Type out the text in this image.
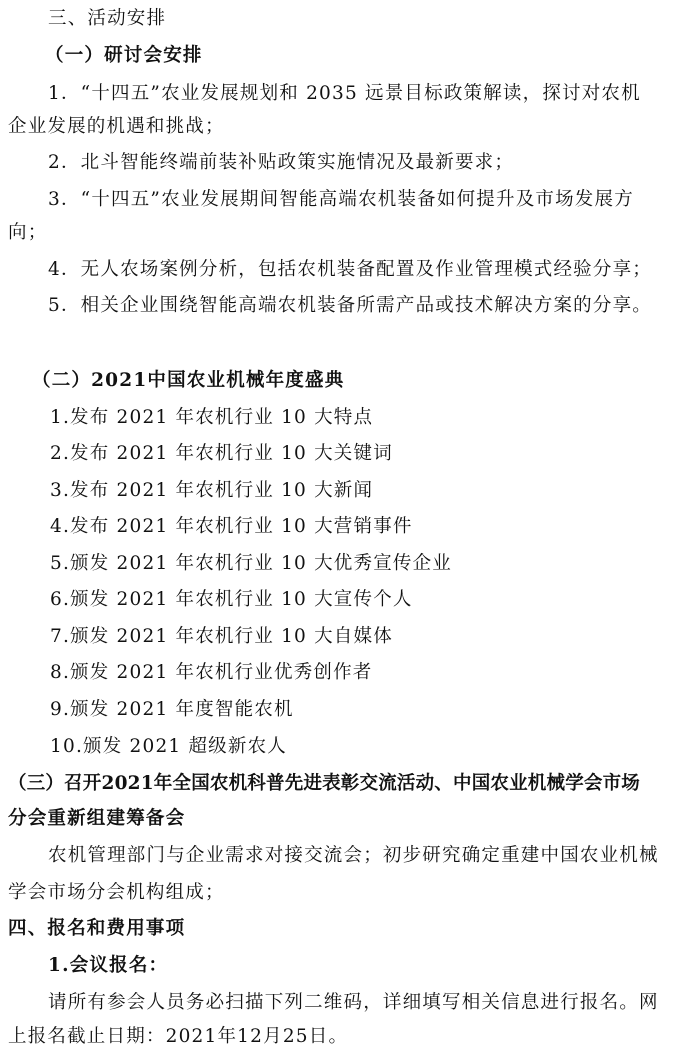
三、活动安排
（一）研讨会安排
1．“十四五”农业发展规划和 2035 远景目标政策解读，探讨对农机
企业发展的机遇和挑战；
2．北斗智能终端前装补贴政策实施情况及最新要求；
3．“十四五”农业发展期间智能高端农机装备如何提升及市场发展方
向；
4．无人农场案例分析，包括农机装备配置及作业管理模式经验分享；
5．相关企业围绕智能高端农机装备所需产品或技术解决方案的分享。
（二）2021中国农业机械年度盛典
1.发布 2021 年农机行业 10 大特点
2.发布 2021 年农机行业 10 大关键词
3.发布 2021 年农机行业 10 大新闻
4.发布 2021 年农机行业 10 大营销事件
5.颁发 2021 年农机行业 10 大优秀宣传企业
6.颁发 2021 年农机行业 10 大宣传个人
7.颁发 2021 年农机行业 10 大自媒体
8.颁发 2021 年农机行业优秀创作者
9.颁发 2021 年度智能农机
10.颁发 2021 超级新农人
（三）召开2021年全国农机科普先进表彰交流活动、中国农业机械学会市场
分会重新组建筹备会
农机管理部门与企业需求对接交流会；初步研究确定重建中国农业机械
学会市场分会机构组成；
四、报名和费用事项
1.会议报名：
请所有参会人员务必扫描下列二维码，详细填写相关信息进行报名。网
上报名截止日期：2021年12月25日。
